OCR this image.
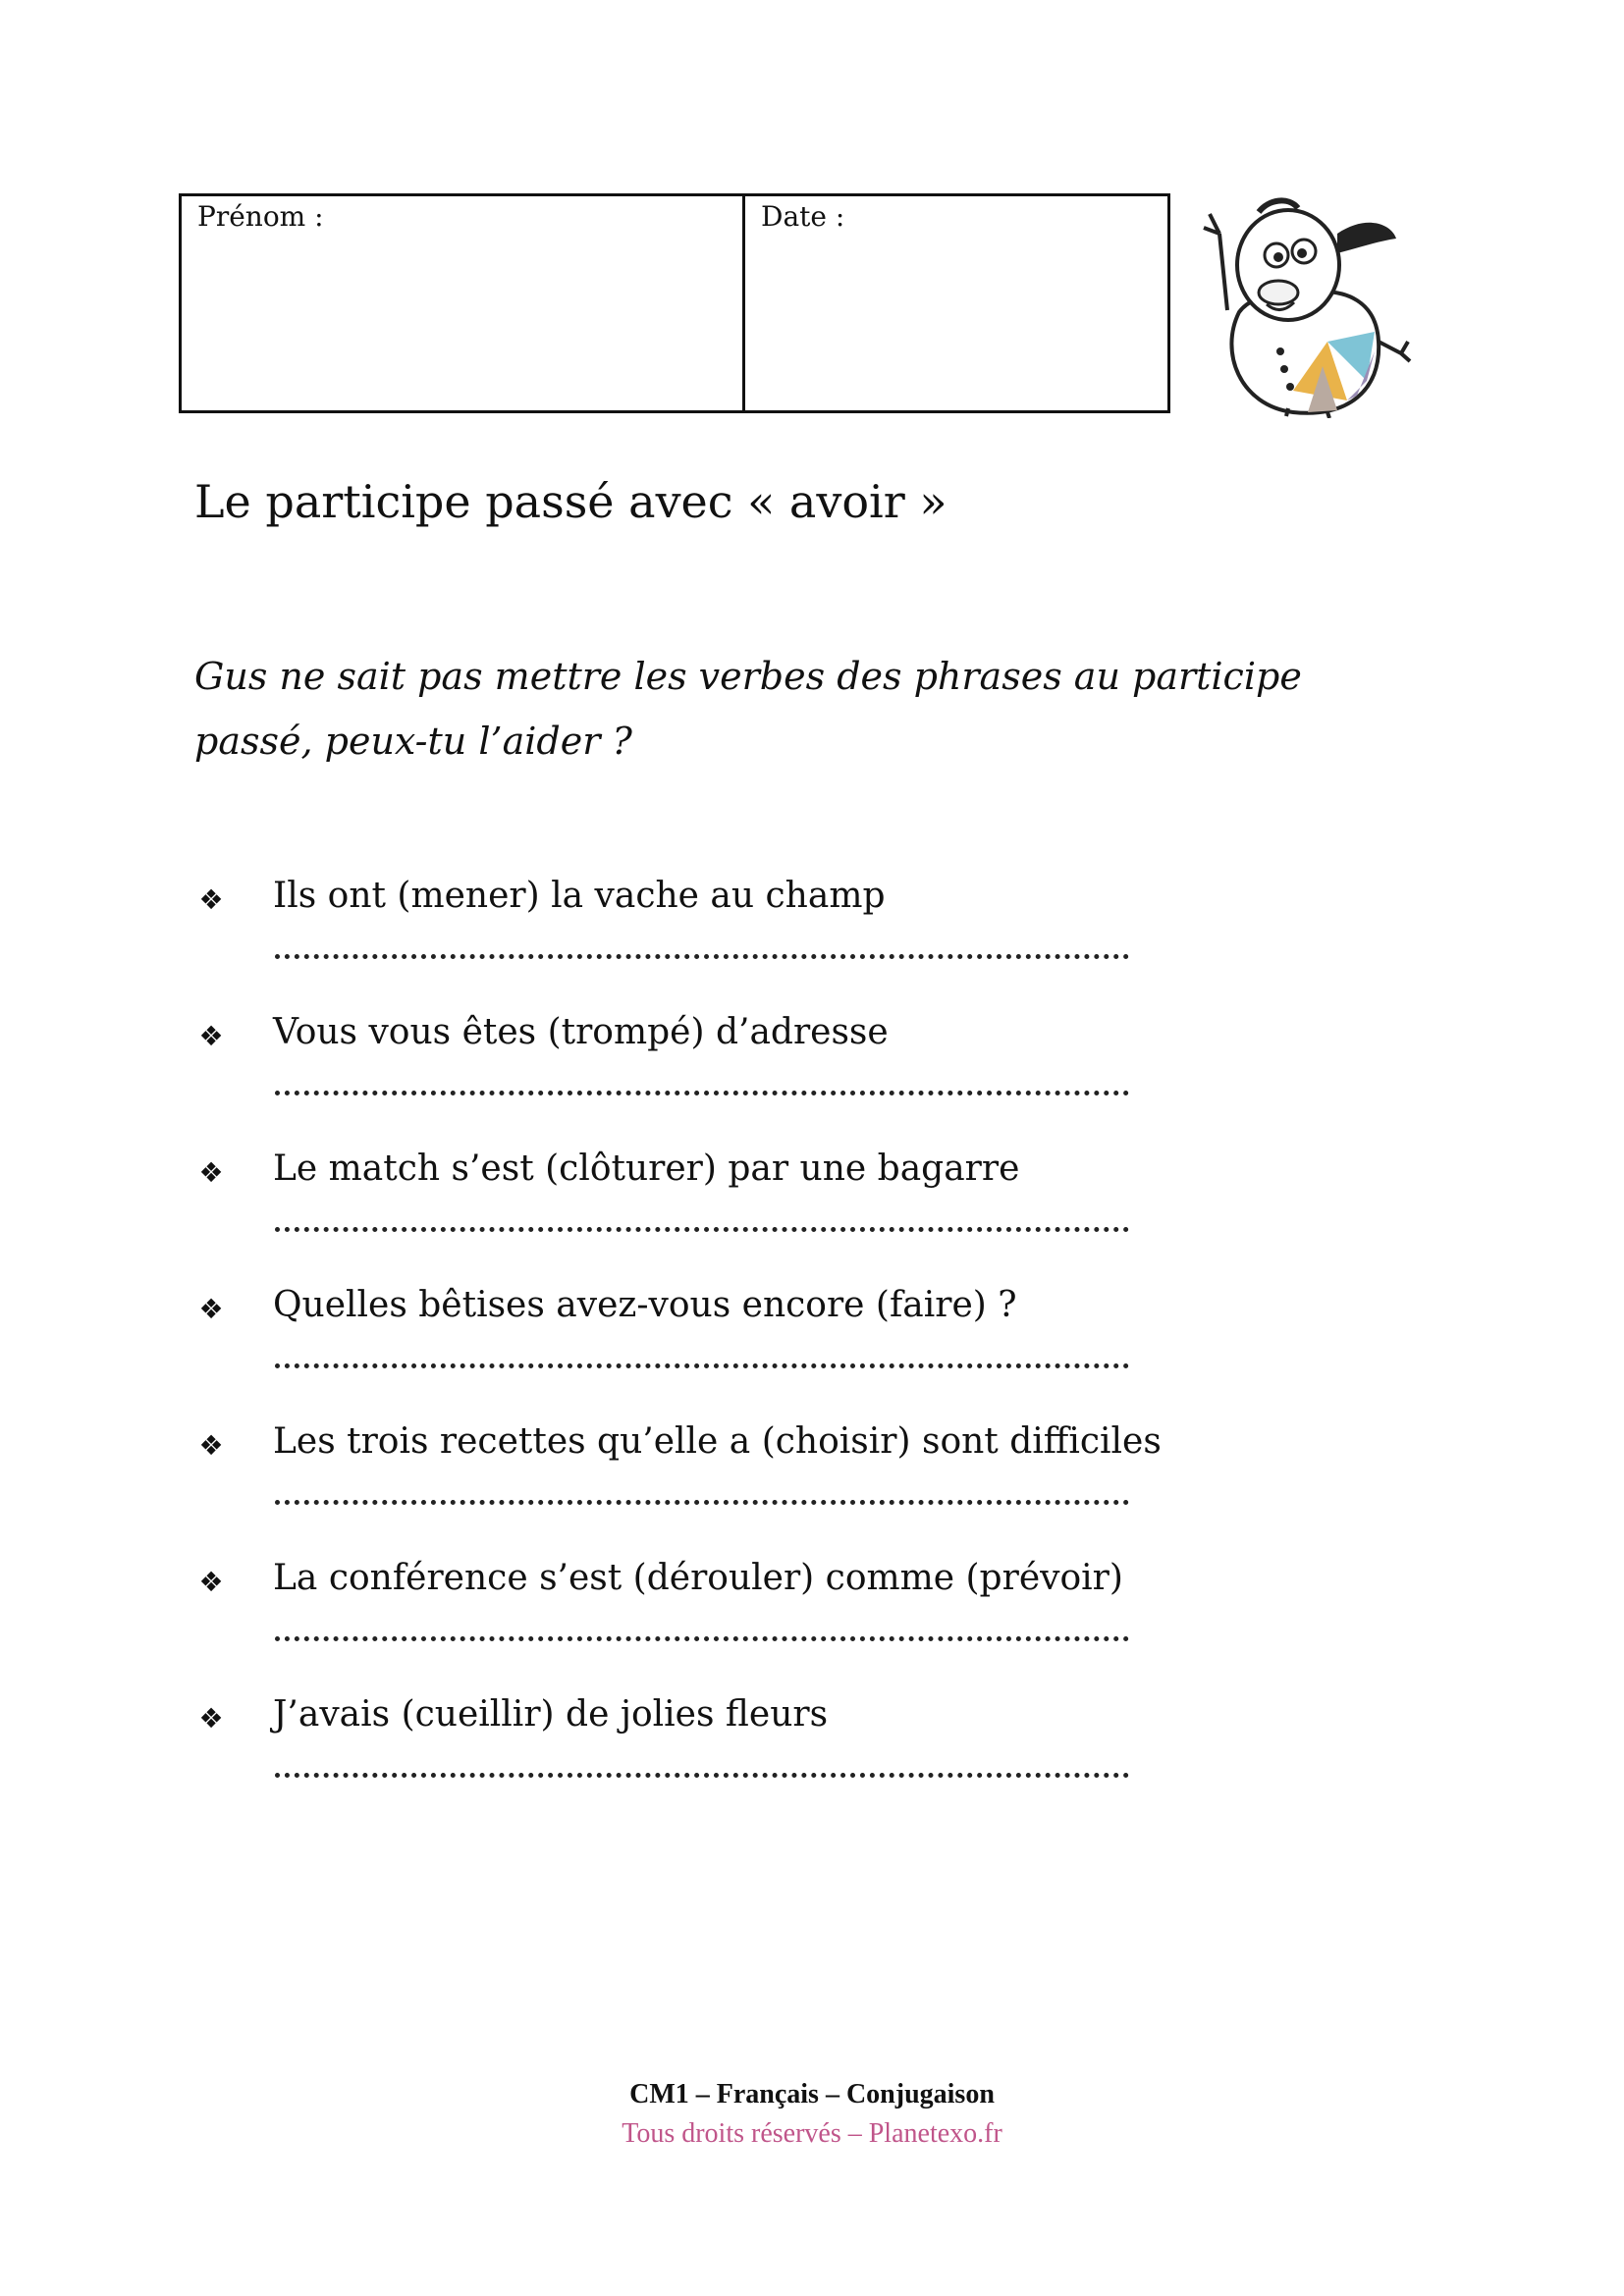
Prénom :	Date :
Le participe passé avec « avoir »

Gus ne sait pas mettre les verbes des phrases au participe passé, peux-tu l’aider ?

❖ Ils ont (mener) la vache au champ
❖ Vous vous êtes (trompé) d’adresse
❖ Le match s’est (clôturer) par une bagarre
❖ Quelles bêtises avez-vous encore (faire) ?
❖ Les trois recettes qu’elle a (choisir) sont difficiles
❖ La conférence s’est (dérouler) comme (prévoir)
❖ J’avais (cueillir) de jolies fleurs
CM1 – Français – Conjugaison
Tous droits réservés – Planetexo.fr
